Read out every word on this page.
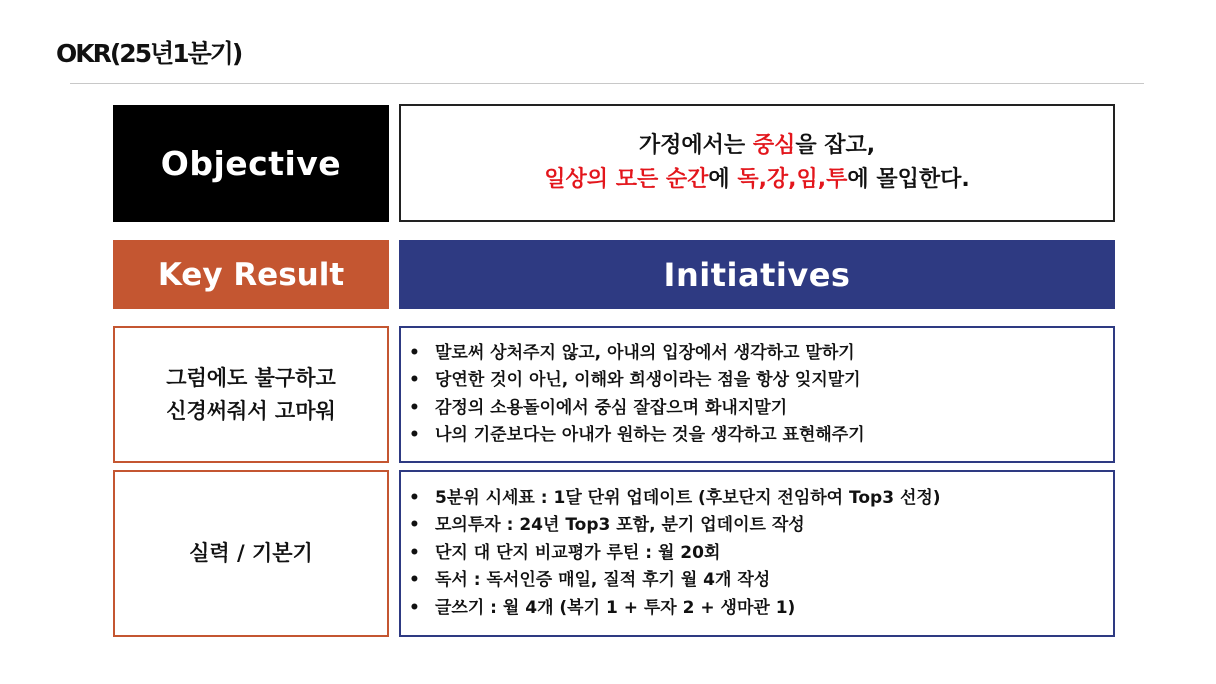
OKR(25년1분기)
Objective	가정에서는 중심을 잡고,
일상의 모든 순간에 독,강,임,투에 몰입한다.
Key Result	Initiatives
그럼에도 불구하고
신경써줘서 고마워
• 말로써 상처주지 않고, 아내의 입장에서 생각하고 말하기
• 당연한 것이 아닌, 이해와 희생이라는 점을 항상 잊지말기
• 감정의 소용돌이에서 중심 잘잡으며 화내지말기
• 나의 기준보다는 아내가 원하는 것을 생각하고 표현해주기
실력 / 기본기
• 5분위 시세표 : 1달 단위 업데이트 (후보단지 전임하여 Top3 선정)
• 모의투자 : 24년 Top3 포함, 분기 업데이트 작성
• 단지 대 단지 비교평가 루틴 : 월 20회
• 독서 : 독서인증 매일, 질적 후기 월 4개 작성
• 글쓰기 : 월 4개 (복기 1 + 투자 2 + 생마관 1)
